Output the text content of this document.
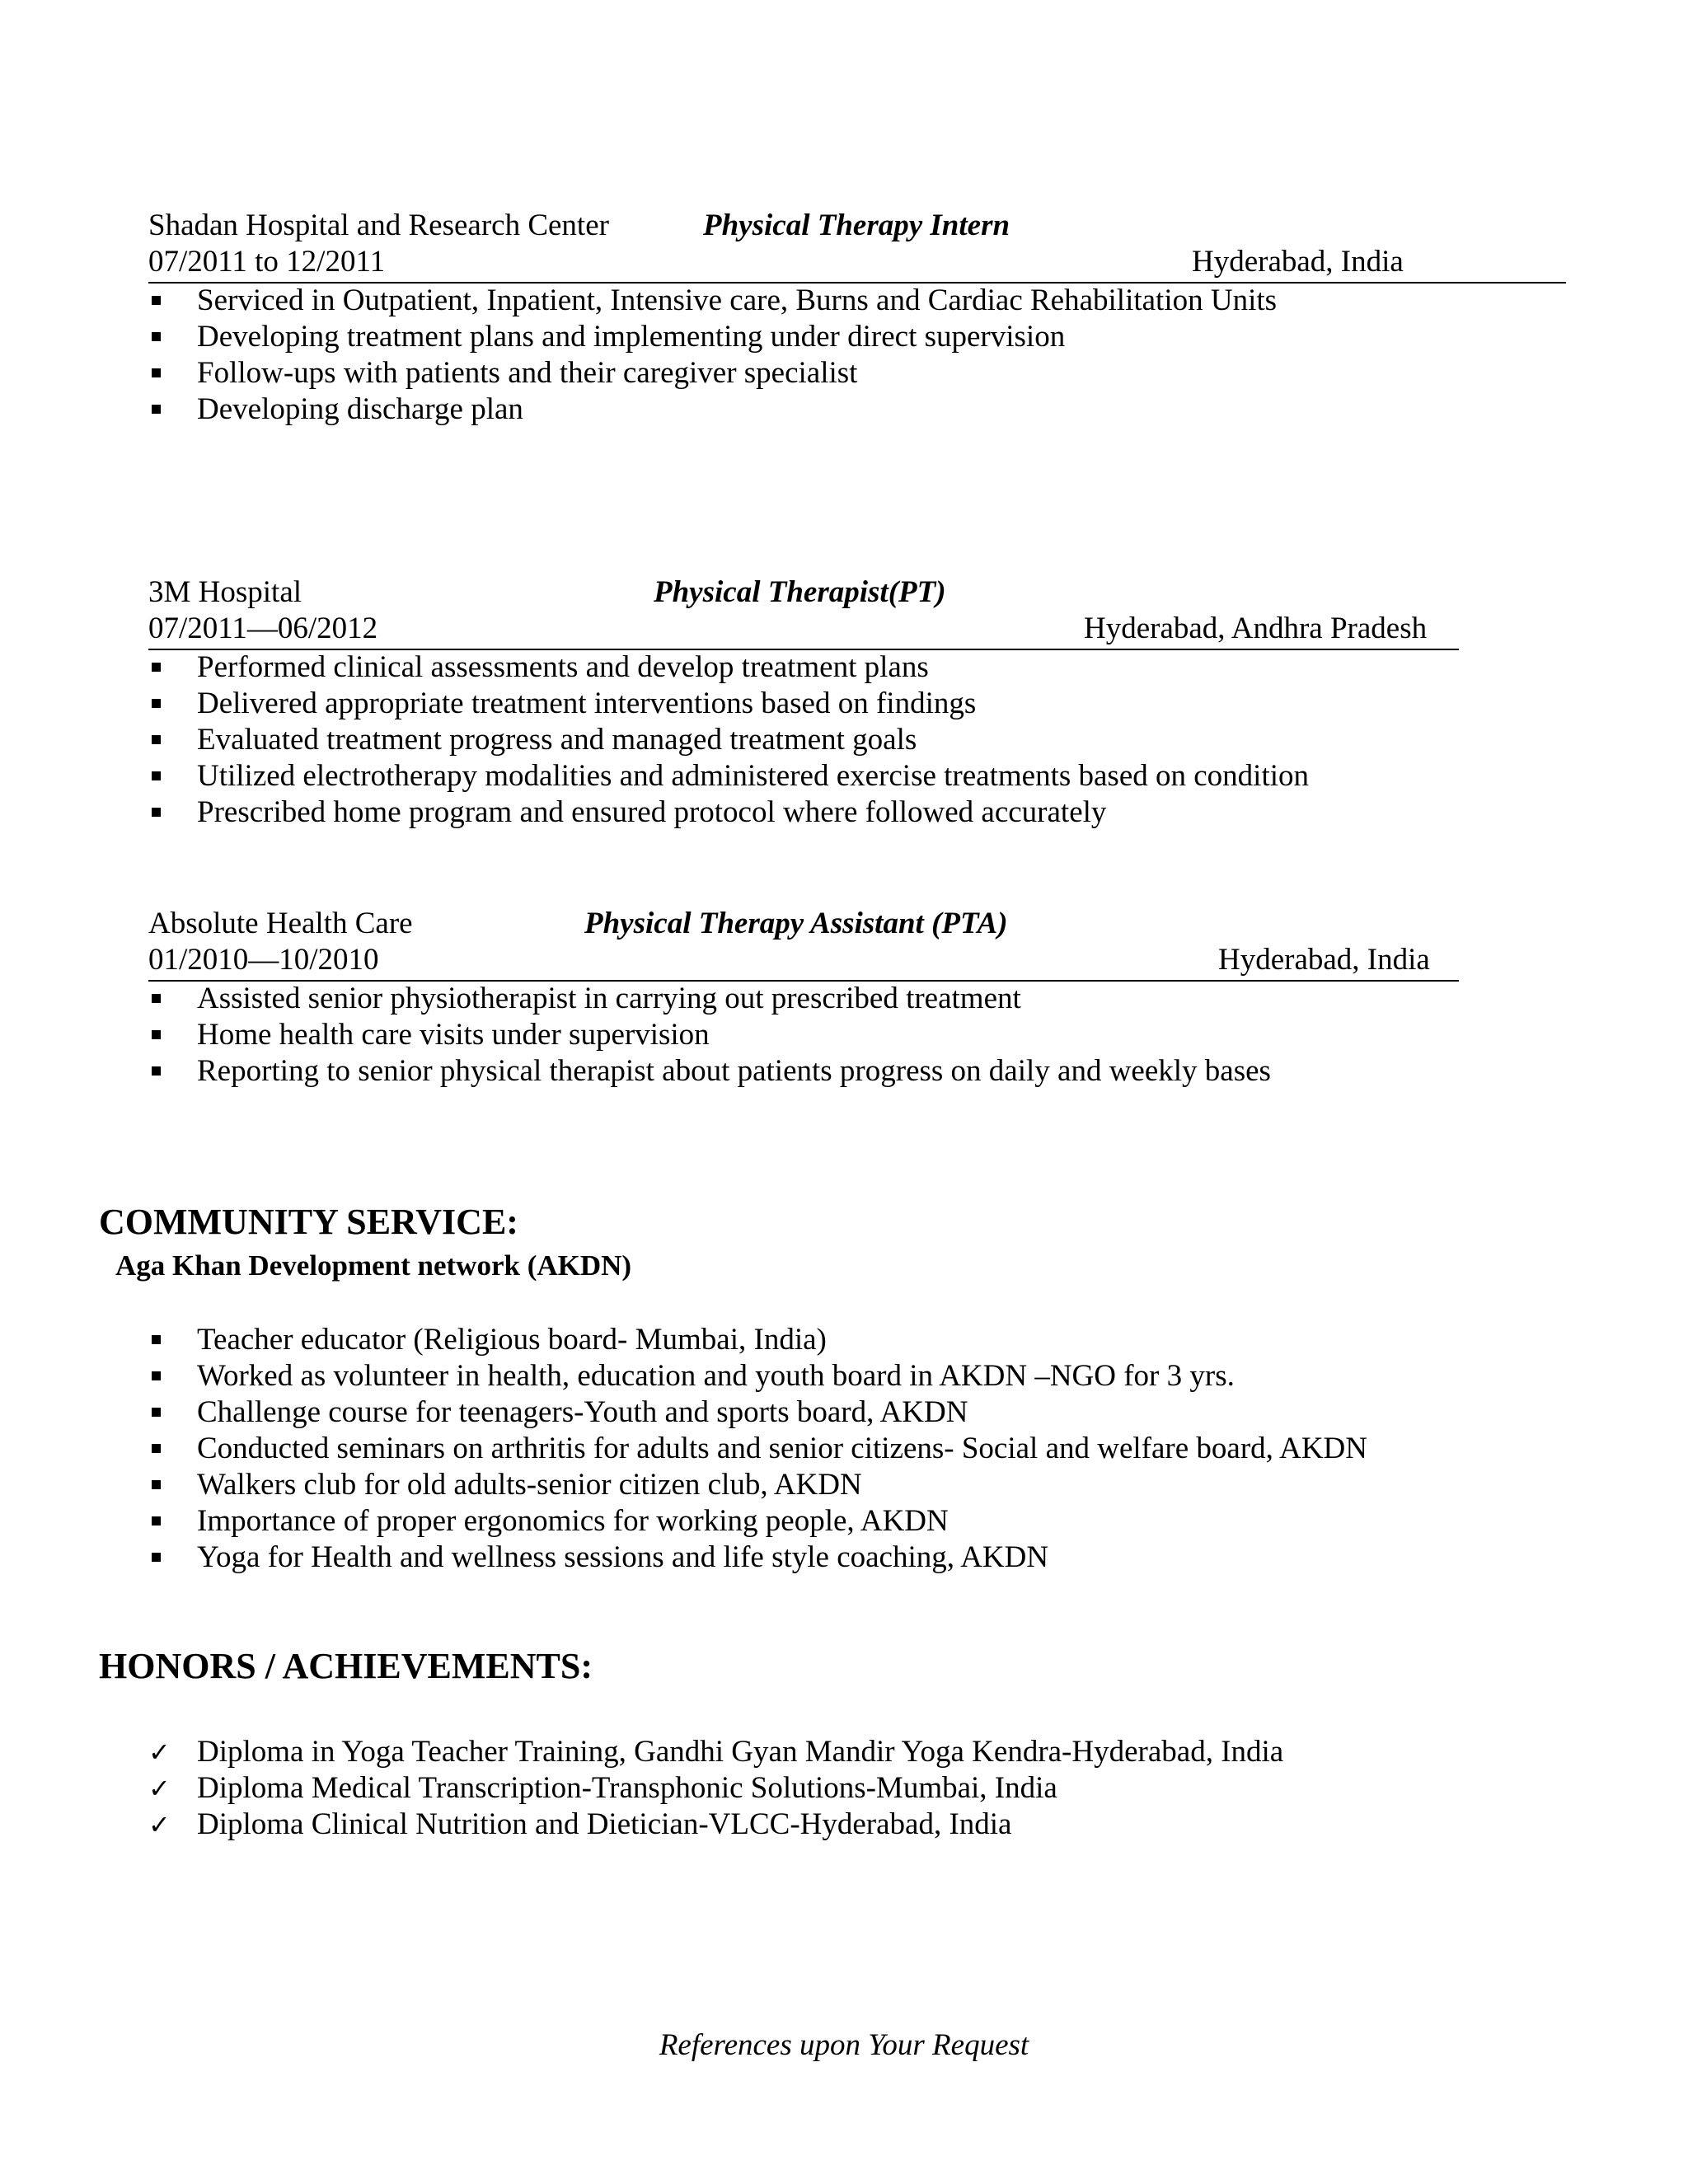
Shadan Hospital and Research Center	Physical Therapy Intern
07/2011 to 12/2011	Hyderabad, India
Serviced in Outpatient, Inpatient, Intensive care, Burns and Cardiac Rehabilitation Units
Developing treatment plans and implementing under direct supervision
Follow-ups with patients and their caregiver specialist
Developing discharge plan
3M Hospital	Physical Therapist(PT)
07/2011—06/2012	Hyderabad, Andhra Pradesh
Performed clinical assessments and develop treatment plans
Delivered appropriate treatment interventions based on findings
Evaluated treatment progress and managed treatment goals
Utilized electrotherapy modalities and administered exercise treatments based on condition
Prescribed home program and ensured protocol where followed accurately
Absolute Health Care	Physical Therapy Assistant (PTA)
01/2010—10/2010	Hyderabad, India
Assisted senior physiotherapist in carrying out prescribed treatment
Home health care visits under supervision
Reporting to senior physical therapist about patients progress on daily and weekly bases
COMMUNITY SERVICE:
Aga Khan Development network (AKDN)
Teacher educator (Religious board- Mumbai, India)
Worked as volunteer in health, education and youth board in AKDN –NGO for 3 yrs.
Challenge course for teenagers-Youth and sports board, AKDN
Conducted seminars on arthritis for adults and senior citizens- Social and welfare board, AKDN
Walkers club for old adults-senior citizen club, AKDN
Importance of proper ergonomics for working people, AKDN
Yoga for Health and wellness sessions and life style coaching, AKDN
HONORS / ACHIEVEMENTS:
✓ Diploma in Yoga Teacher Training, Gandhi Gyan Mandir Yoga Kendra-Hyderabad, India
✓ Diploma Medical Transcription-Transphonic Solutions-Mumbai, India
✓ Diploma Clinical Nutrition and Dietician-VLCC-Hyderabad, India
References upon Your Request
